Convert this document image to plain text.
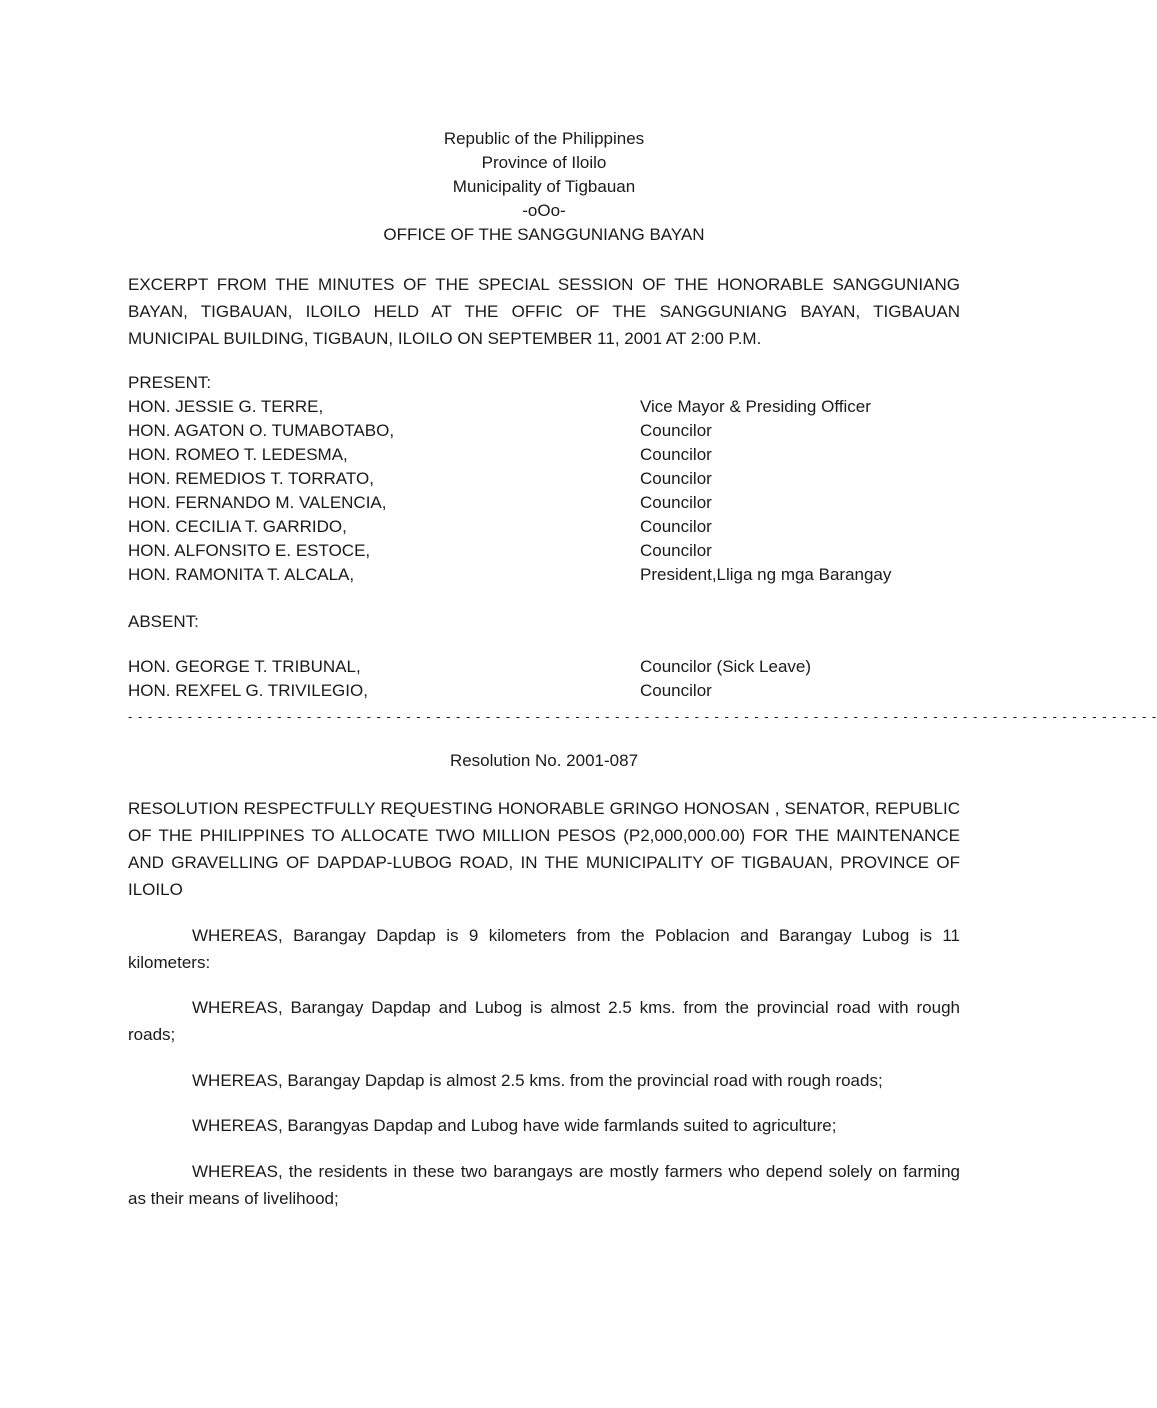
Republic of the Philippines
Province of Iloilo
Municipality of Tigbauan
-oOo-
OFFICE OF THE SANGGUNIANG BAYAN
EXCERPT FROM THE MINUTES OF THE SPECIAL SESSION OF THE HONORABLE SANGGUNIANG BAYAN, TIGBAUAN, ILOILO HELD AT THE OFFIC OF THE SANGGUNIANG BAYAN, TIGBAUAN MUNICIPAL BUILDING, TIGBAUN, ILOILO ON SEPTEMBER 11, 2001 AT 2:00 P.M.
PRESENT:
HON. JESSIE G. TERRE,	Vice Mayor & Presiding Officer
HON. AGATON O. TUMABOTABO,	Councilor
HON. ROMEO T. LEDESMA,	Councilor
HON. REMEDIOS T. TORRATO,	Councilor
HON. FERNANDO M. VALENCIA,	Councilor
HON. CECILIA T. GARRIDO,	Councilor
HON. ALFONSITO E. ESTOCE,	Councilor
HON. RAMONITA T. ALCALA,	President,Lliga ng mga Barangay
ABSENT:
HON. GEORGE T. TRIBUNAL,	Councilor (Sick Leave)
HON. REXFEL G. TRIVILEGIO,	Councilor
- - - - - - - - - - - - - - - - - - - - - - - - - - - - - - - - - - - - - - - - - - - - - - - - - - - - - - - - - - - - - - - - - - - - - - - - - - - - - - - - - - - - - - - - - - - - - - - - - - - - - - - -
Resolution No. 2001-087
RESOLUTION RESPECTFULLY REQUESTING HONORABLE GRINGO HONOSAN , SENATOR, REPUBLIC OF THE PHILIPPINES TO ALLOCATE TWO MILLION PESOS (P2,000,000.00) FOR THE MAINTENANCE AND GRAVELLING OF DAPDAP-LUBOG ROAD, IN THE MUNICIPALITY OF TIGBAUAN, PROVINCE OF ILOILO
WHEREAS, Barangay Dapdap is 9 kilometers from the Poblacion and Barangay Lubog is 11 kilometers:
WHEREAS, Barangay Dapdap and Lubog is almost 2.5 kms. from the provincial road with rough roads;
WHEREAS, Barangay Dapdap is almost 2.5 kms. from the provincial road with rough roads;
WHEREAS, Barangyas Dapdap and Lubog have wide farmlands suited to agriculture;
WHEREAS, the residents in these two barangays are mostly farmers who depend solely on farming as their means of livelihood;
